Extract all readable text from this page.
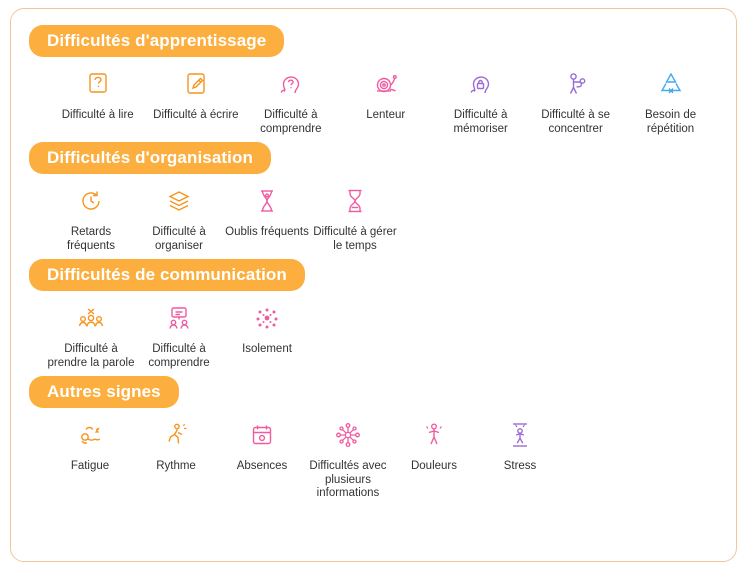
Difficultés d'apprentissage
Difficulté à lire Difficulté à écrire	Difficulté à comprendre
Lenteur	Difficulté à mémoriser
Difficulté à se concentrer
Besoin de répétition
Difficultés d'organisation
Retards fréquents
Difficulté à organiser
Oublis fréquents Difficulté à gérer le temps
Difficultés de communication
Difficulté à prendre la parole
Difficulté à comprendre
Isolement
Autres signes
Fatigue	Rythme	Absences	Difficultés avec plusieurs informations
Douleurs	Stress
